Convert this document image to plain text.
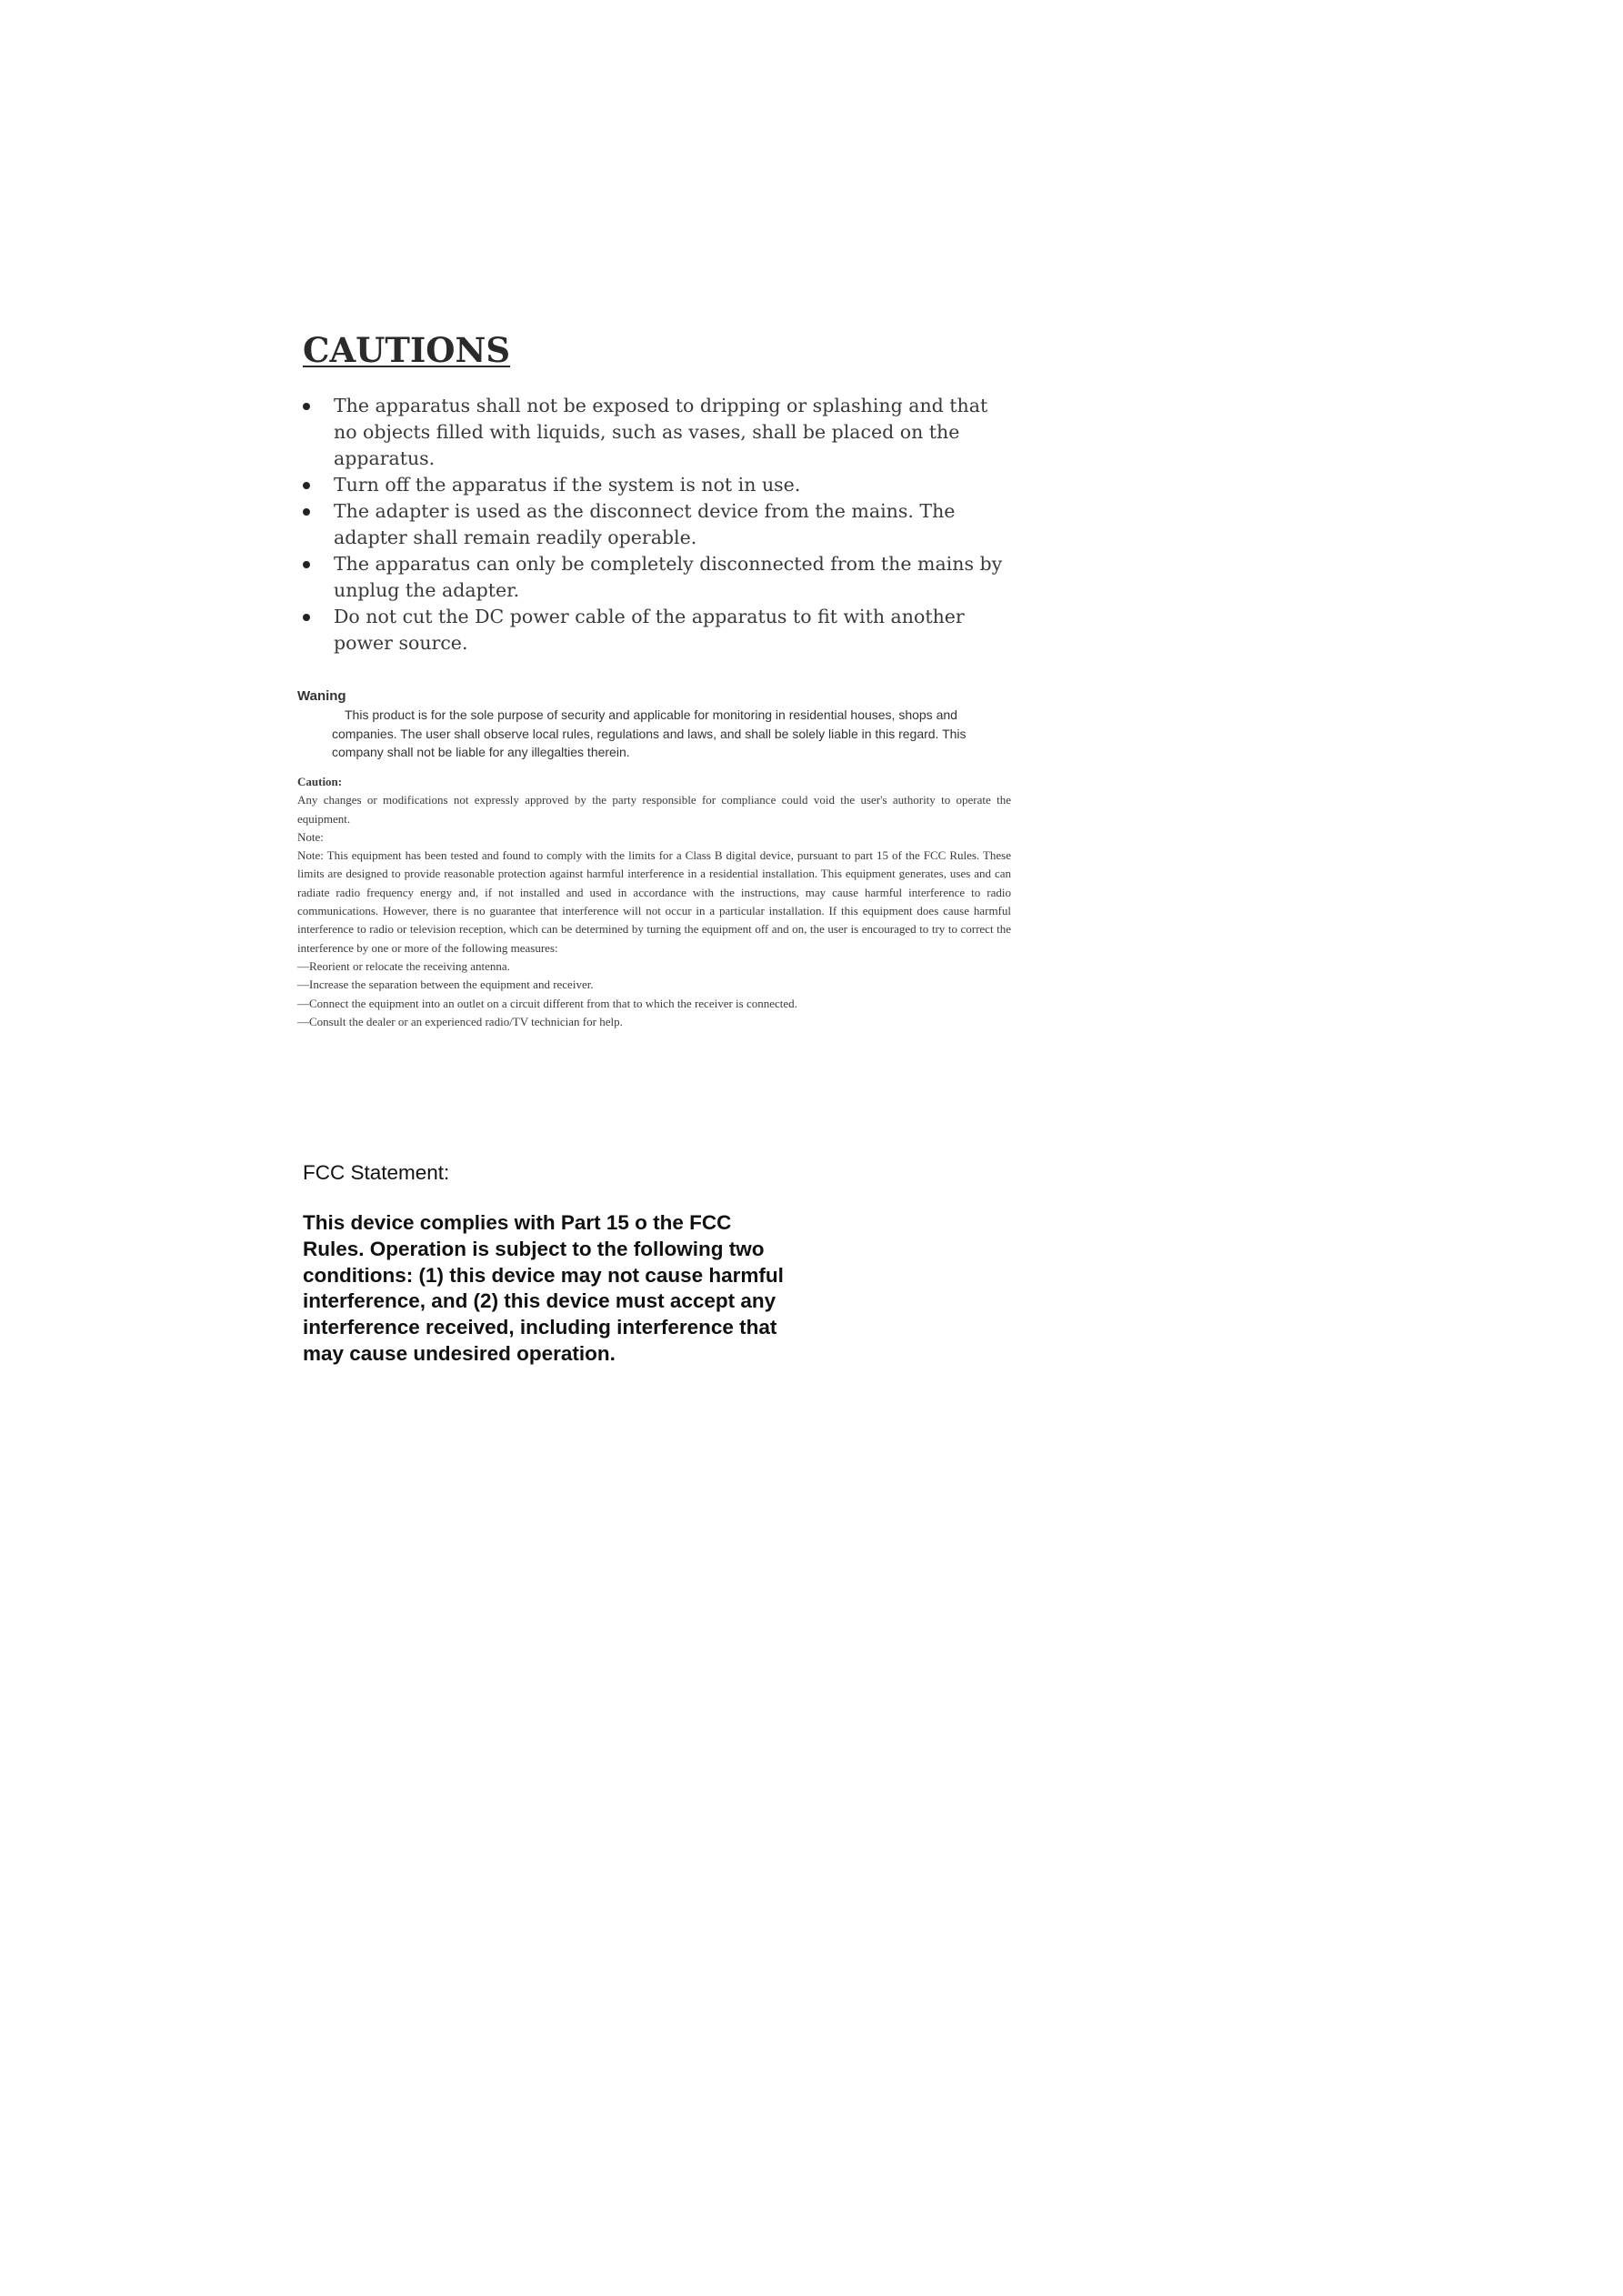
CAUTIONS
The apparatus shall not be exposed to dripping or splashing and that no objects filled with liquids, such as vases, shall be placed on the apparatus.
Turn off the apparatus if the system is not in use.
The adapter is used as the disconnect device from the mains. The adapter shall remain readily operable.
The apparatus can only be completely disconnected from the mains by unplug the adapter.
Do not cut the DC power cable of the apparatus to fit with another power source.

Waning

This product is for the sole purpose of security and applicable for monitoring in residential houses, shops and companies. The user shall observe local rules, regulations and laws, and shall be solely liable in this regard. This company shall not be liable for any illegalties therein.

Caution:

Any changes or modifications not expressly approved by the party responsible for compliance could void the user's authority to operate the equipment.

Note:

Note: This equipment has been tested and found to comply with the limits for a Class B digital device, pursuant to part 15 of the FCC Rules. These limits are designed to provide reasonable protection against harmful interference in a residential installation. This equipment generates, uses and can radiate radio frequency energy and, if not installed and used in accordance with the instructions, may cause harmful interference to radio communications. However, there is no guarantee that interference will not occur in a particular installation. If this equipment does cause harmful interference to radio or television reception, which can be determined by turning the equipment off and on, the user is encouraged to try to correct the interference by one or more of the following measures:

—Reorient or relocate the receiving antenna.

—Increase the separation between the equipment and receiver.

—Connect the equipment into an outlet on a circuit different from that to which the receiver is connected.

—Consult the dealer or an experienced radio/TV technician for help.

FCC Statement:

This device complies with Part 15 o the FCC
Rules. Operation is subject to the following two
conditions: (1) this device may not cause harmful
interference, and (2) this device must accept any
interference received, including interference that
may cause undesired operation.
